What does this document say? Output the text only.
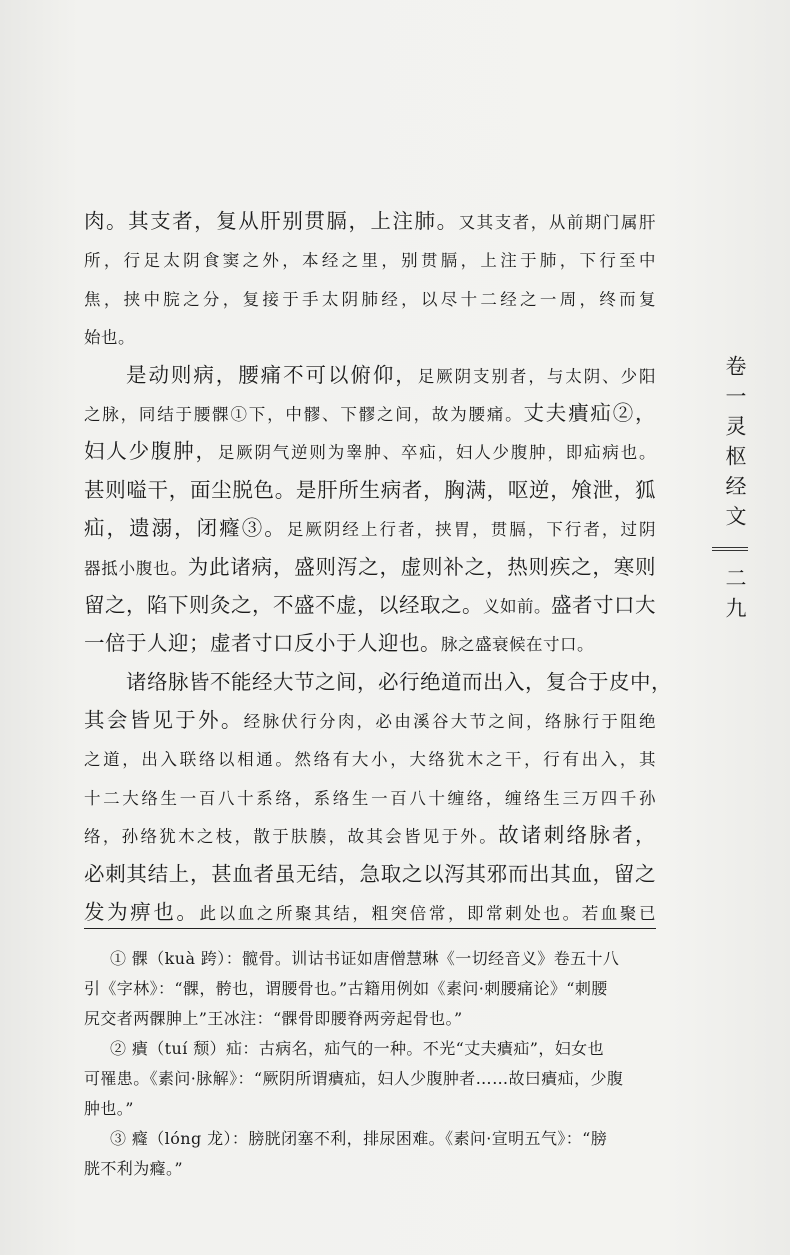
肉。其支者，复从肝别贯膈，上注肺。又其支者，从前期门属肝
所，行足太阴食窦之外，本经之里，别贯膈，上注于肺，下行至中
焦，挟中脘之分，复接于手太阴肺经，以尽十二经之一周，终而复
始也。
是动则病，腰痛不可以俯仰，足厥阴支别者，与太阴、少阳
之脉，同结于腰髁①下，中髎、下髎之间，故为腰痛。丈夫㿉疝②，
妇人少腹肿，足厥阴气逆则为睾肿、卒疝，妇人少腹肿，即疝病也。
甚则嗌干，面尘脱色。是肝所生病者，胸满，呕逆，飧泄，狐
疝，遗溺，闭癃③。足厥阴经上行者，挟胃，贯膈，下行者，过阴
器抵小腹也。为此诸病，盛则泻之，虚则补之，热则疾之，寒则
留之，陷下则灸之，不盛不虚，以经取之。义如前。盛者寸口大
一倍于人迎；虚者寸口反小于人迎也。脉之盛衰候在寸口。
诸络脉皆不能经大节之间，必行绝道而出入，复合于皮中，
其会皆见于外。经脉伏行分肉，必由溪谷大节之间，络脉行于阻绝
之道，出入联络以相通。然络有大小，大络犹木之干，行有出入，其
十二大络生一百八十系络，系络生一百八十缠络，缠络生三万四千孙
络，孙络犹木之枝，散于肤腠，故其会皆见于外。故诸刺络脉者，
必刺其结上，甚血者虽无结，急取之以泻其邪而出其血，留之
发为痹也。此以血之所聚其结，粗突倍常，即常刺处也。若血聚已
卷一灵枢经文
二九
① 髁（kuà 跨）：髋骨。训诂书证如唐僧慧琳《一切经音义》卷五十八
引《字林》：“髁，骻也，谓腰骨也。”古籍用例如《素问·刺腰痛论》“刺腰
尻交者两髁胂上”王冰注：“髁骨即腰脊两旁起骨也。”
② 㿉（tuí 颓）疝：古病名，疝气的一种。不光“丈夫㿉疝”，妇女也
可罹患。《素问·脉解》：“厥阴所谓㿉疝，妇人少腹肿者……故曰㿉疝，少腹
肿也。”
③ 癃（lóng 龙）：膀胱闭塞不利，排尿困难。《素问·宣明五气》：“膀
胱不利为癃。”
